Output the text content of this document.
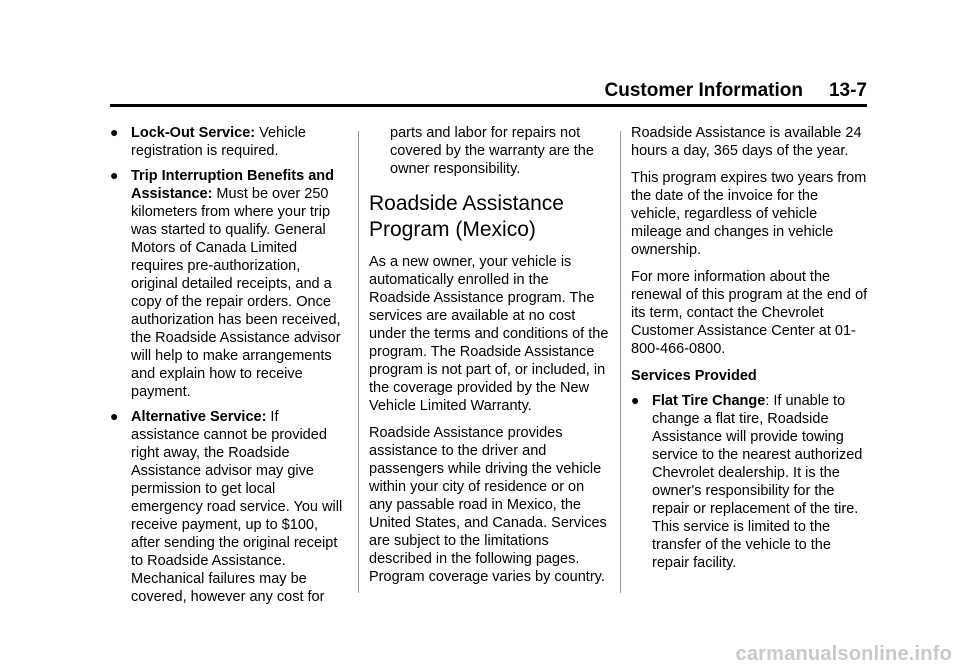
Customer Information 13-7
● Lock-Out Service: Vehicle registration is required.
● Trip Interruption Benefits and Assistance: Must be over 250 kilometers from where your trip was started to qualify. General Motors of Canada Limited requires pre-authorization, original detailed receipts, and a copy of the repair orders. Once authorization has been received, the Roadside Assistance advisor will help to make arrangements and explain how to receive payment.
● Alternative Service: If assistance cannot be provided right away, the Roadside Assistance advisor may give permission to get local emergency road service. You will receive payment, up to $100, after sending the original receipt to Roadside Assistance. Mechanical failures may be covered, however any cost for
parts and labor for repairs not covered by the warranty are the owner responsibility.
Roadside Assistance Program (Mexico)

As a new owner, your vehicle is automatically enrolled in the Roadside Assistance program. The services are available at no cost under the terms and conditions of the program. The Roadside Assistance program is not part of, or included, in the coverage provided by the New Vehicle Limited Warranty.

Roadside Assistance provides assistance to the driver and passengers while driving the vehicle within your city of residence or on any passable road in Mexico, the United States, and Canada. Services are subject to the limitations described in the following pages. Program coverage varies by country.

Roadside Assistance is available 24 hours a day, 365 days of the year.

This program expires two years from the date of the invoice for the vehicle, regardless of vehicle mileage and changes in vehicle ownership.

For more information about the renewal of this program at the end of its term, contact the Chevrolet Customer Assistance Center at 01-800-466-0800.

Services Provided
● Flat Tire Change: If unable to change a flat tire, Roadside Assistance will provide towing service to the nearest authorized Chevrolet dealership. It is the owner's responsibility for the repair or replacement of the tire. This service is limited to the transfer of the vehicle to the repair facility.
carmanualsonline.info
